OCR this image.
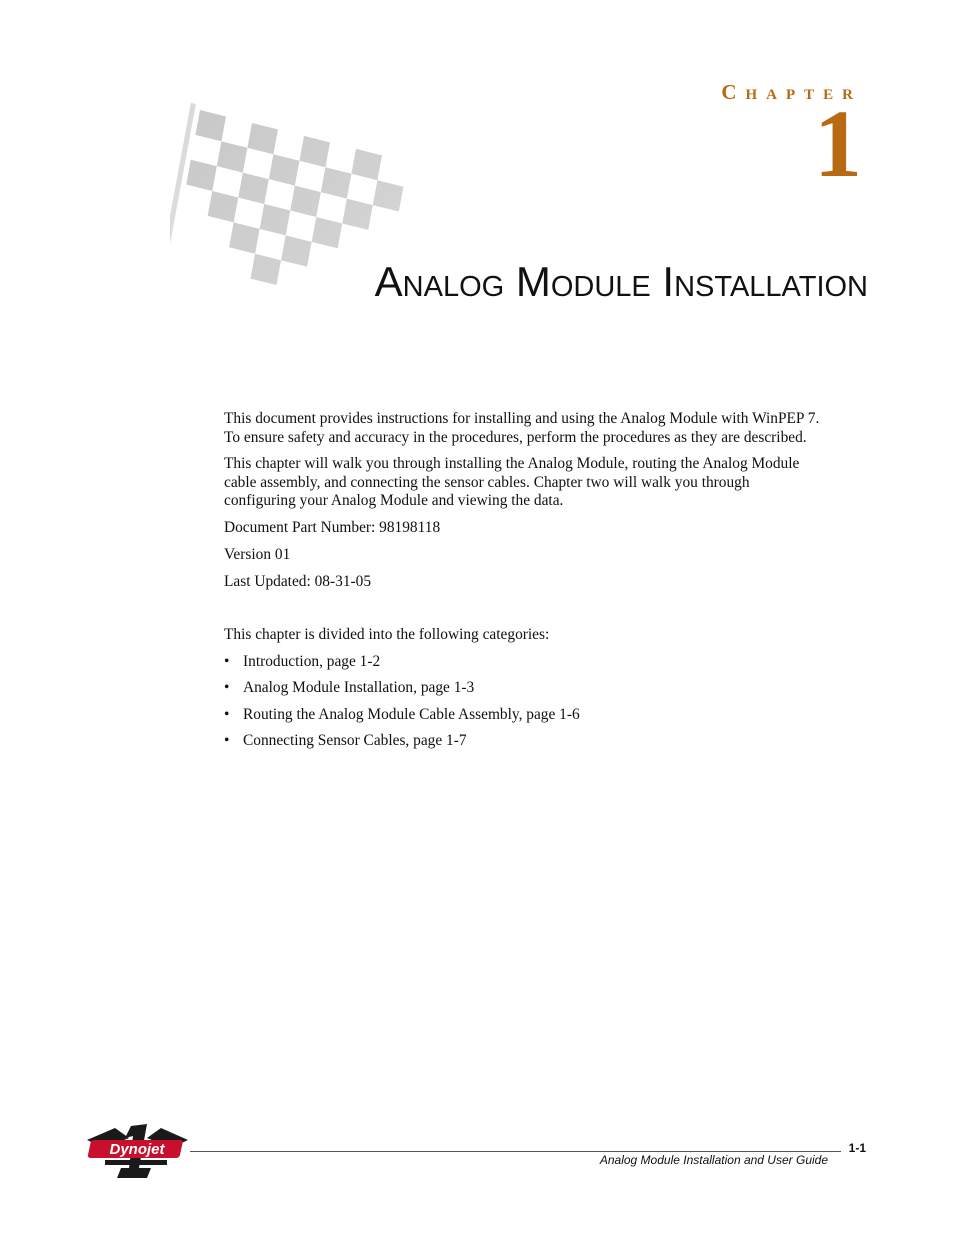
Chapter
1
Analog Module Installation

This document provides instructions for installing and using the Analog Module with WinPEP 7. To ensure safety and accuracy in the procedures, perform the procedures as they are described.

This chapter will walk you through installing the Analog Module, routing the Analog Module cable assembly, and connecting the sensor cables. Chapter two will walk you through configuring your Analog Module and viewing the data.

Document Part Number: 98198118

Version 01

Last Updated: 08-31-05

This chapter is divided into the following categories:

• Introduction, page 1-2
• Analog Module Installation, page 1-3
• Routing the Analog Module Cable Assembly, page 1-6
• Connecting Sensor Cables, page 1-7
Dynojet	1-1
Analog Module Installation and User Guide
